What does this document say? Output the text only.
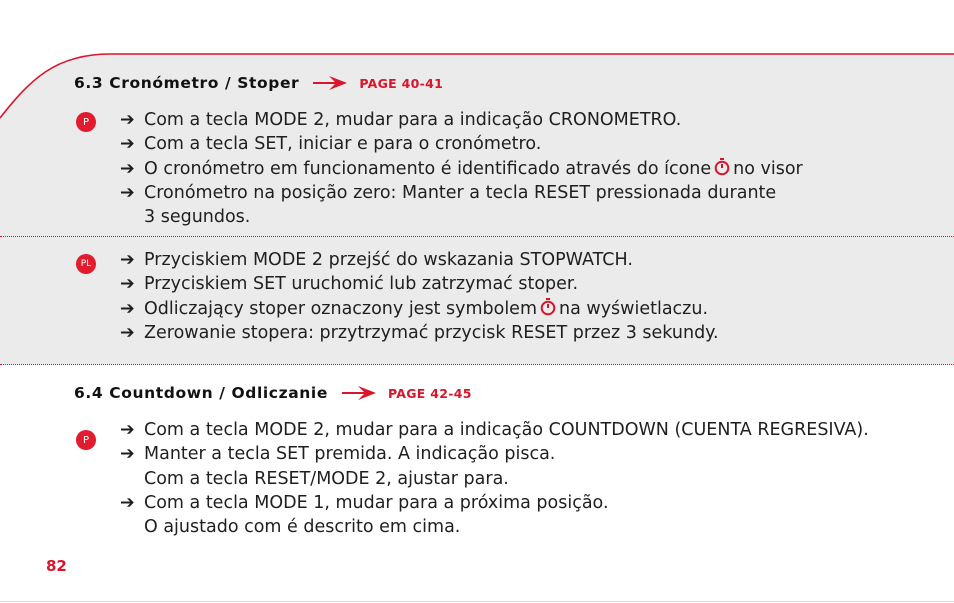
6.3 Cronómetro / Stoper	PAGE 40-41
P	➔ Com a tecla MODE 2, mudar para a indicação CRONOMETRO.
➔ Com a tecla SET, iniciar e para o cronómetro.
➔ O cronómetro em funcionamento é identificado através do ícone no visor
➔ Cronómetro na posição zero: Manter a tecla RESET pressionada durante
3 segundos.
PL ➔ Przyciskiem MODE 2 przejść do wskazania STOPWATCH.
➔ Przyciskiem SET uruchomić lub zatrzymać stoper.
➔ Odliczający stoper oznaczony jest symbolem na wyświetlaczu.
➔ Zerowanie stopera: przytrzymać przycisk RESET przez 3 sekundy.
6.4 Countdown / Odliczanie	PAGE 42-45
P	➔ Com a tecla MODE 2, mudar para a indicação COUNTDOWN (CUENTA REGRESIVA).
➔ Manter a tecla SET premida. A indicação pisca.
Com a tecla RESET/MODE 2, ajustar para.
➔ Com a tecla MODE 1, mudar para a próxima posição.
O ajustado com é descrito em cima.
82
